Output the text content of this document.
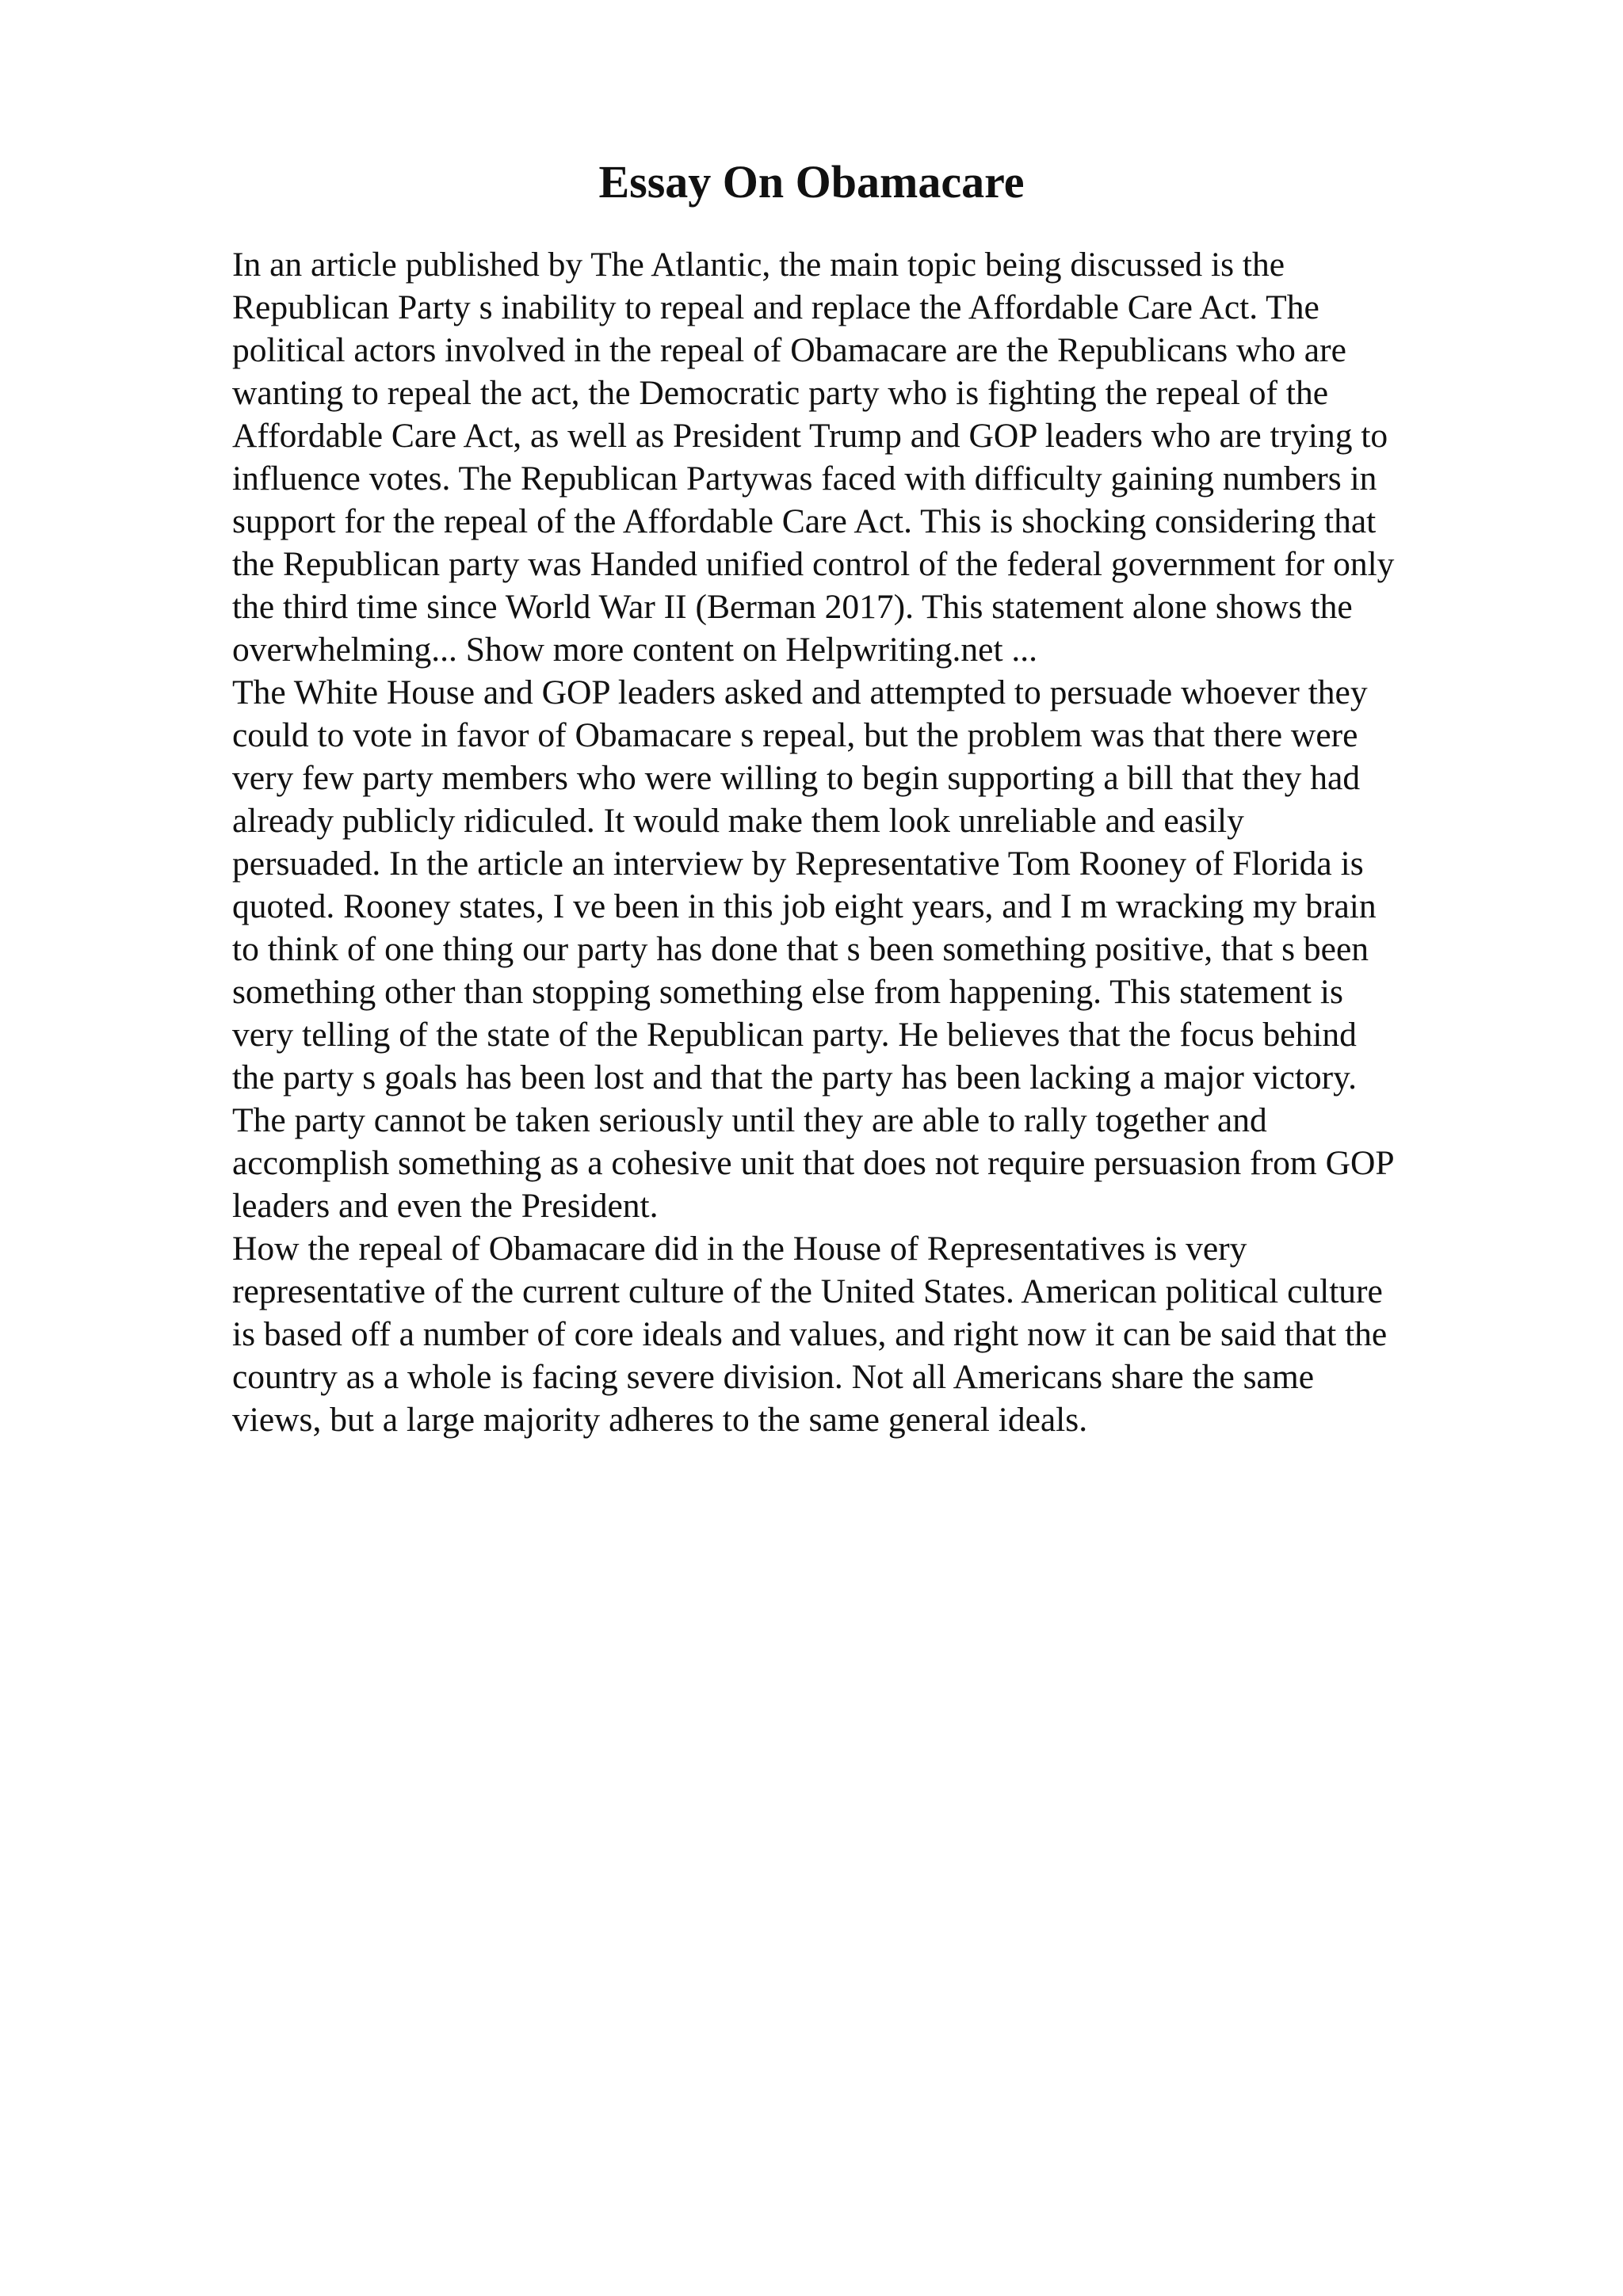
Essay On Obamacare
In an article published by The Atlantic, the main topic being discussed is the
Republican Party s inability to repeal and replace the Affordable Care Act. The
political actors involved in the repeal of Obamacare are the Republicans who are
wanting to repeal the act, the Democratic party who is fighting the repeal of the
Affordable Care Act, as well as President Trump and GOP leaders who are trying to
influence votes. The Republican Partywas faced with difficulty gaining numbers in
support for the repeal of the Affordable Care Act. This is shocking considering that
the Republican party was Handed unified control of the federal government for only
the third time since World War II (Berman 2017). This statement alone shows the
overwhelming... Show more content on Helpwriting.net ...
The White House and GOP leaders asked and attempted to persuade whoever they
could to vote in favor of Obamacare s repeal, but the problem was that there were
very few party members who were willing to begin supporting a bill that they had
already publicly ridiculed. It would make them look unreliable and easily
persuaded. In the article an interview by Representative Tom Rooney of Florida is
quoted. Rooney states, I ve been in this job eight years, and I m wracking my brain
to think of one thing our party has done that s been something positive, that s been
something other than stopping something else from happening. This statement is
very telling of the state of the Republican party. He believes that the focus behind
the party s goals has been lost and that the party has been lacking a major victory.
The party cannot be taken seriously until they are able to rally together and
accomplish something as a cohesive unit that does not require persuasion from GOP
leaders and even the President.
How the repeal of Obamacare did in the House of Representatives is very
representative of the current culture of the United States. American political culture
is based off a number of core ideals and values, and right now it can be said that the
country as a whole is facing severe division. Not all Americans share the same
views, but a large majority adheres to the same general ideals.
